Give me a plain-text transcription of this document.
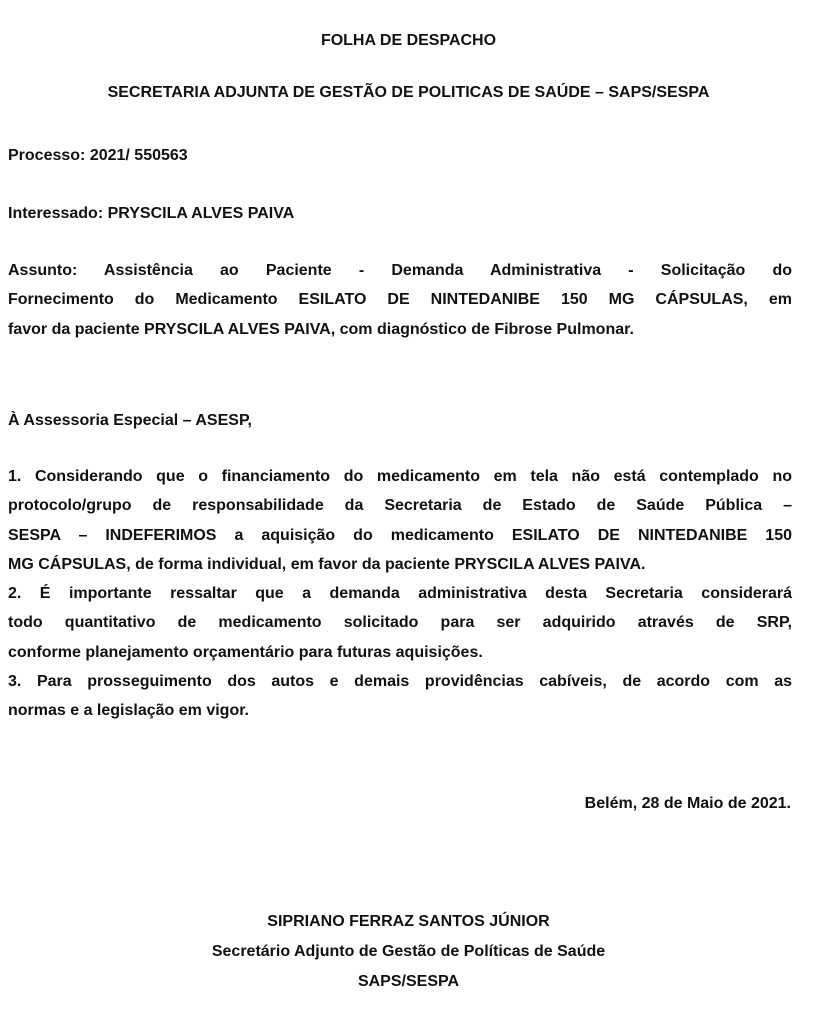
FOLHA DE DESPACHO
SECRETARIA ADJUNTA DE GESTÃO DE POLITICAS DE SAÚDE – SAPS/SESPA
Processo: 2021/ 550563
Interessado: PRYSCILA ALVES PAIVA
Assunto: Assistência ao Paciente - Demanda Administrativa - Solicitação do
Fornecimento do Medicamento ESILATO DE NINTEDANIBE 150 MG CÁPSULAS, em
favor da paciente PRYSCILA ALVES PAIVA, com diagnóstico de Fibrose Pulmonar.
À Assessoria Especial – ASESP,
1. Considerando que o financiamento do medicamento em tela não está contemplado no
protocolo/grupo de responsabilidade da Secretaria de Estado de Saúde Pública –
SESPA – INDEFERIMOS a aquisição do medicamento ESILATO DE NINTEDANIBE 150
MG CÁPSULAS, de forma individual, em favor da paciente PRYSCILA ALVES PAIVA.
2. É importante ressaltar que a demanda administrativa desta Secretaria considerará
todo quantitativo de medicamento solicitado para ser adquirido através de SRP,
conforme planejamento orçamentário para futuras aquisições.
3. Para prosseguimento dos autos e demais providências cabíveis, de acordo com as
normas e a legislação em vigor.
Belém, 28 de Maio de 2021.
SIPRIANO FERRAZ SANTOS JÚNIOR
Secretário Adjunto de Gestão de Políticas de Saúde
SAPS/SESPA
